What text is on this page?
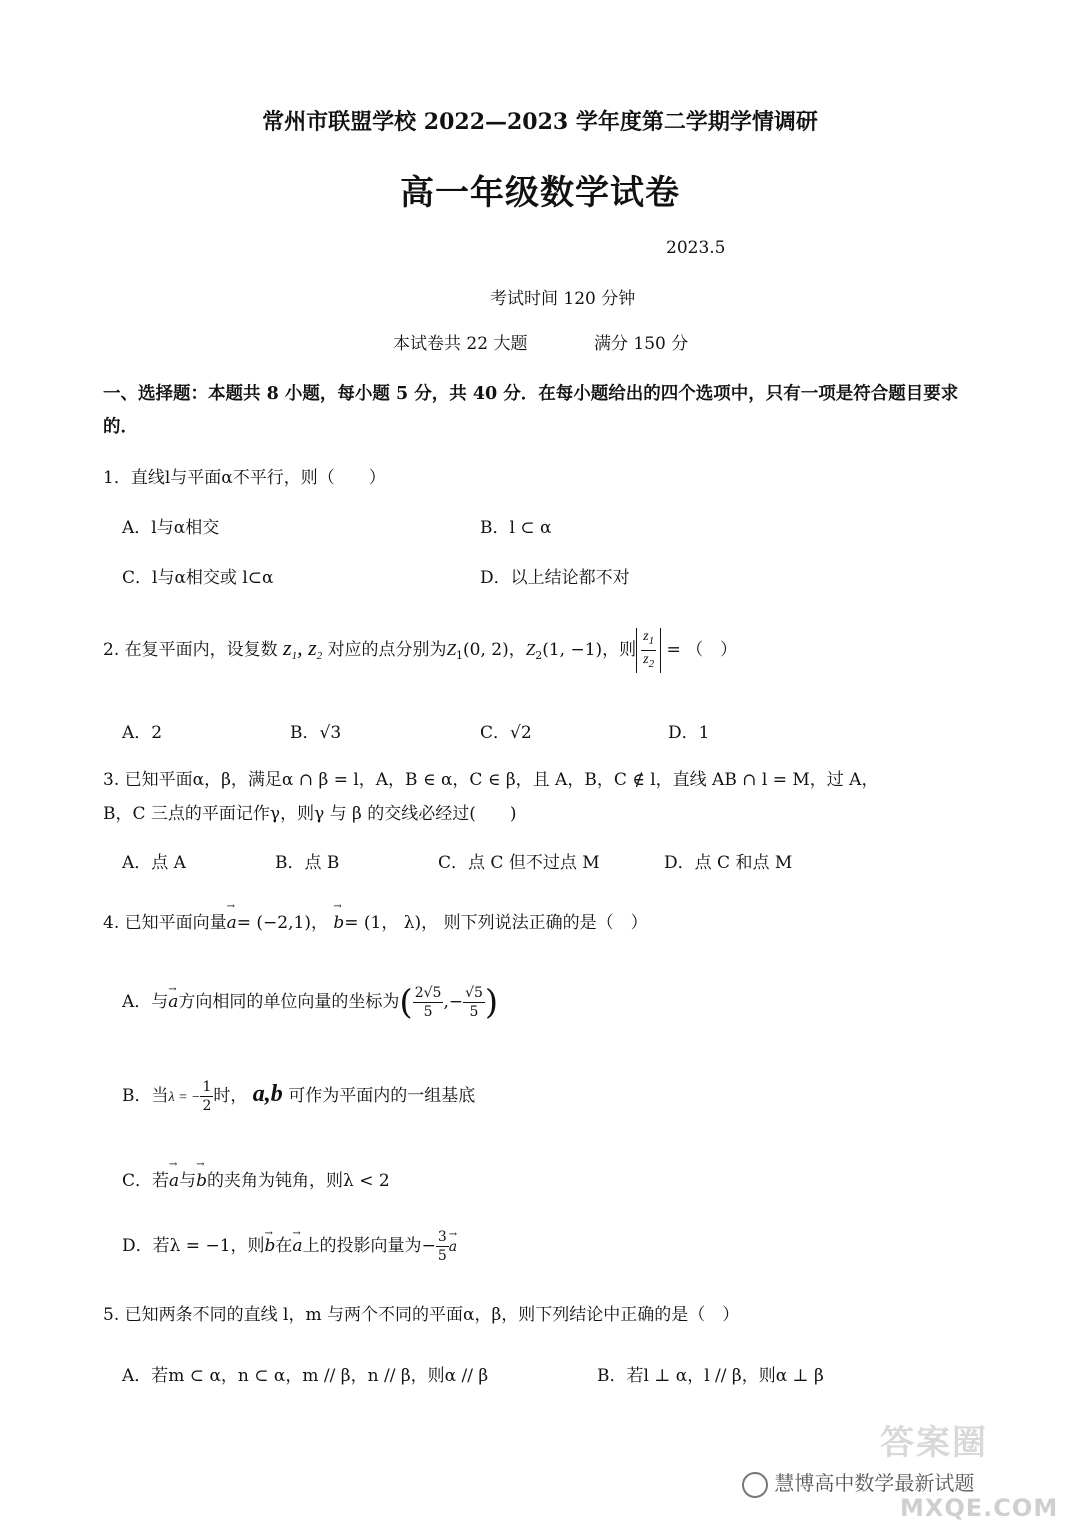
常州市联盟学校 2022—2023 学年度第二学期学情调研
高一年级数学试卷
2023.5
考试时间 120 分钟
本试卷共 22 大题	满分 150 分
一、选择题：本题共 8 小题，每小题 5 分，共 40 分．在每小题给出的四个选项中，只有一项是符合题目要求的．
1．直线l与平面α不平行，则（　　）
A．l与α相交	B．l ⊂ α
C．l与α相交或 l⊂α	D．以上结论都不对
2. 在复平面内，设复数 $z_1$, $z_2$ 对应的点分别为$Z_1(0$, 2)，$Z_2(1$, −1)，则 $\frac{z_1}{z_2}$ = （　）
A．2	B．√3	C．√2	D．1
3. 已知平面α，β，满足α ∩ β = l，A，B ∈ α，C ∈ β，且 A，B，C ∉ l，直线 AB ∩ l = M，过 A，
B，C 三点的平面记作γ，则γ 与 β 的交线必经过(　　)
A．点 A	B．点 B	C．点 C 但不过点 M	D．点 C 和点 M
4. 已知平面向量→ a= (−2,1)， → b= (1， λ)， 则下列说法正确的是（　）
A．与→ a方向相同的单位向量的坐标为( $\frac{2√5}{5}$ ,− $\frac{√5}{5}$ )
B．当λ = − $\frac{1}{2}$ 时， a,b 可作为平面内的一组基底
C．若→ a与→ b的夹角为钝角，则λ < 2
D．若λ = −1，则→ b在→ a上的投影向量为− $\frac{3}{5}$
→ a
5. 已知两条不同的直线 l，m 与两个不同的平面α，β，则下列结论中正确的是（　）
A．若m ⊂ α，n ⊂ α，m // β，n // β，则α // β	B．若l ⊥ α，l // β，则α ⊥ β
答案圈
慧博高中数学最新试题
MXQE.COM
